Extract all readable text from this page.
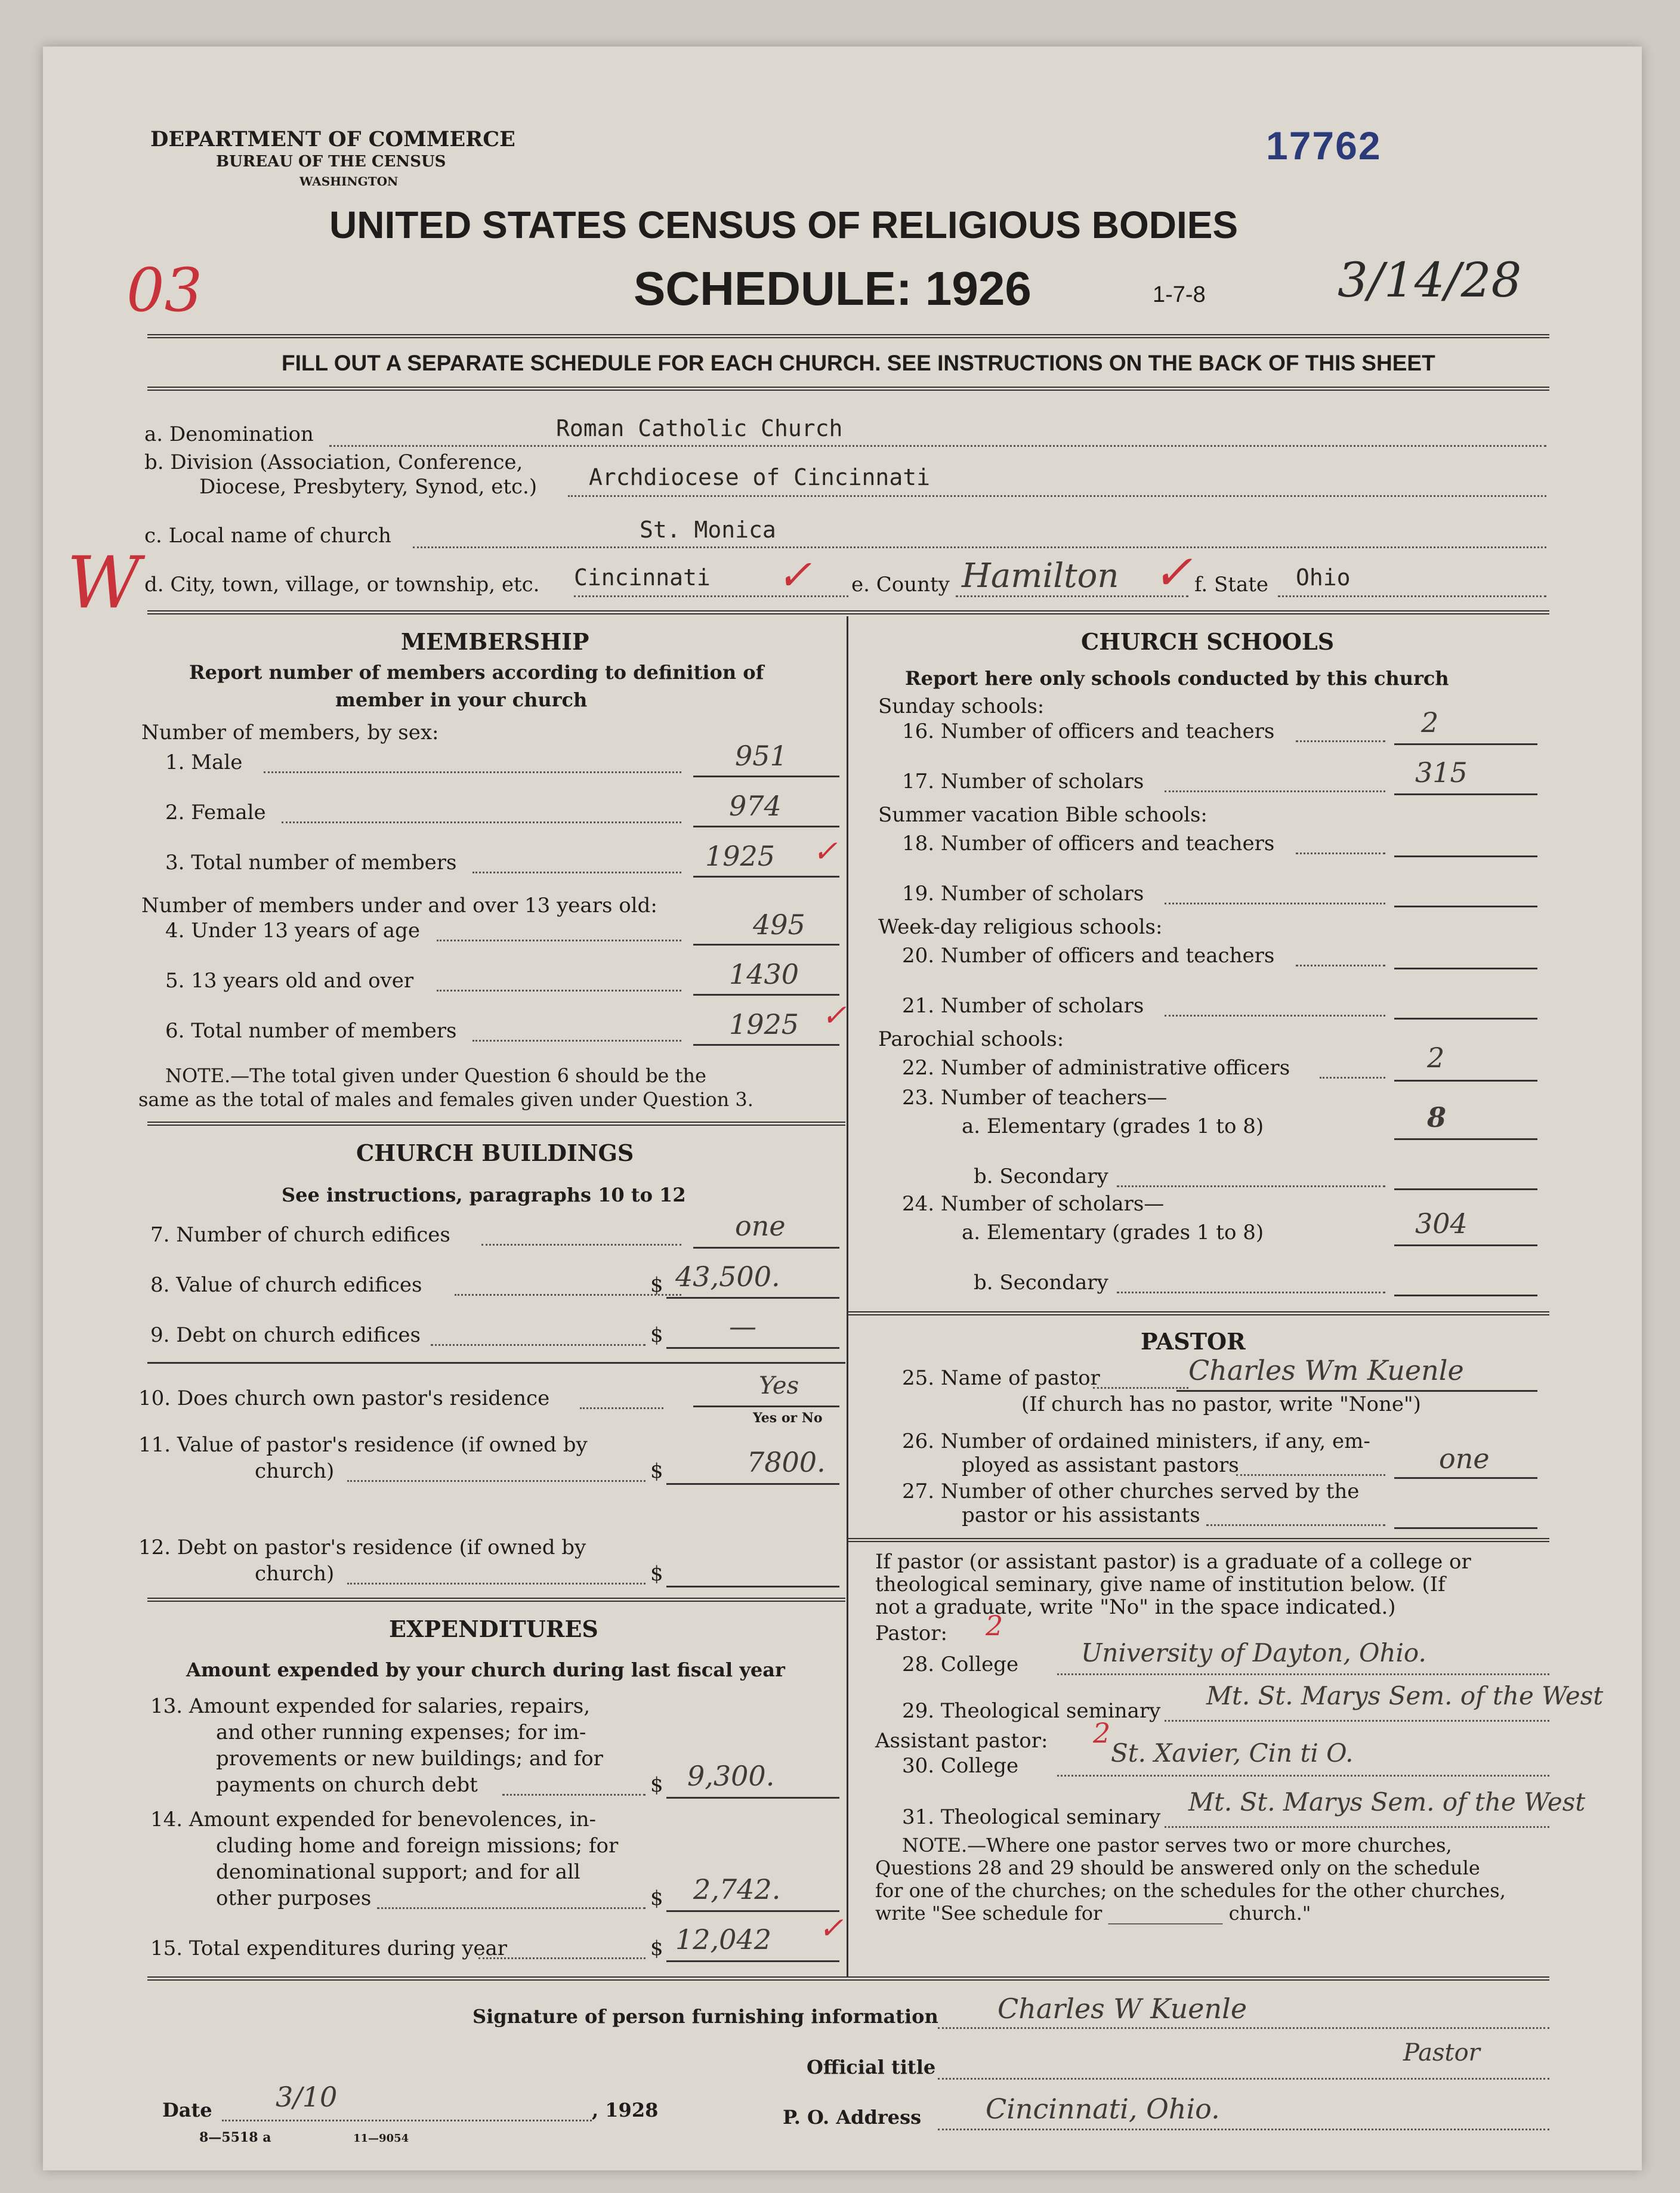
DEPARTMENT OF COMMERCE
BUREAU OF THE CENSUS
WASHINGTON
17762
UNITED STATES CENSUS OF RELIGIOUS BODIES
SCHEDULE: 1926	1-7-8	3/14/28
03
FILL OUT A SEPARATE SCHEDULE FOR EACH CHURCH. SEE INSTRUCTIONS ON THE BACK OF THIS SHEET
a. Denomination	Roman Catholic Church
b. Division (Association, Conference,
Diocese, Presbytery, Synod, etc.) Archdiocese of Cincinnati
c. Local name of church	St. Monica
W d. City, town, village, or township, etc. Cincinnati ✓ e. County Hamilton ✓ f. State Ohio
MEMBERSHIP
Report number of members according to definition of
member in your church
Number of members, by sex:
1. Male	951
2. Female	974
3. Total number of members	1925 ✓
Number of members under and over 13 years old:
4. Under 13 years of age	495
5. 13 years old and over	1430
6. Total number of members	1925 ✓
NOTE.—The total given under Question 6 should be the
same as the total of males and females given under Question 3.
CHURCH BUILDINGS
See instructions, paragraphs 10 to 12
7. Number of church edifices	one
8. Value of church edifices	$ 43,500.
9. Debt on church edifices	$ —
10. Does church own pastor's residence	Yes
Yes or No
11. Value of pastor's residence (if owned by
church)	$	7800.
12. Debt on pastor's residence (if owned by
church)	$
EXPENDITURES
Amount expended by your church during last fiscal year
13. Amount expended for salaries, repairs,
and other running expenses; for im-
provements or new buildings; and for
payments on church debt	$ 9,300.
14. Amount expended for benevolences, in-
cluding home and foreign missions; for
denominational support; and for all
other purposes	$ 2,742.
15. Total expenditures during year	$ 12,042 ✓
CHURCH SCHOOLS
Report here only schools conducted by this church
Sunday schools:
16. Number of officers and teachers	2
17. Number of scholars	315
Summer vacation Bible schools:
18. Number of officers and teachers
19. Number of scholars
Week-day religious schools:
20. Number of officers and teachers
21. Number of scholars
Parochial schools:
22. Number of administrative officers	2
23. Number of teachers—
a. Elementary (grades 1 to 8)	8
b. Secondary
24. Number of scholars—
a. Elementary (grades 1 to 8)	304
b. Secondary
PASTOR
25. Name of pastor	Charles Wm Kuenle
(If church has no pastor, write "None")
26. Number of ordained ministers, if any, em-
ployed as assistant pastors	one
27. Number of other churches served by the
pastor or his assistants
If pastor (or assistant pastor) is a graduate of a college or
theological seminary, give name of institution below. (If
not a graduate, write "No" in the space indicated.)
Pastor: 2
28. College University of Dayton, Ohio.
29. Theological seminary
Mt. St. Marys Sem. of the West
Assistant pastor: 2
30. College	St. Xavier, Cin ti O.
31. Theological seminary
Mt. St. Marys Sem. of the West
NOTE.—Where one pastor serves two or more churches,
Questions 28 and 29 should be answered only on the schedule
for one of the churches; on the schedules for the other churches,
write "See schedule for ____________ church."
Signature of person furnishing information Charles W Kuenle
Official title
Pastor
Date 3/10	, 1928	P. O. Address Cincinnati, Ohio.
8—5518 a	11—9054
